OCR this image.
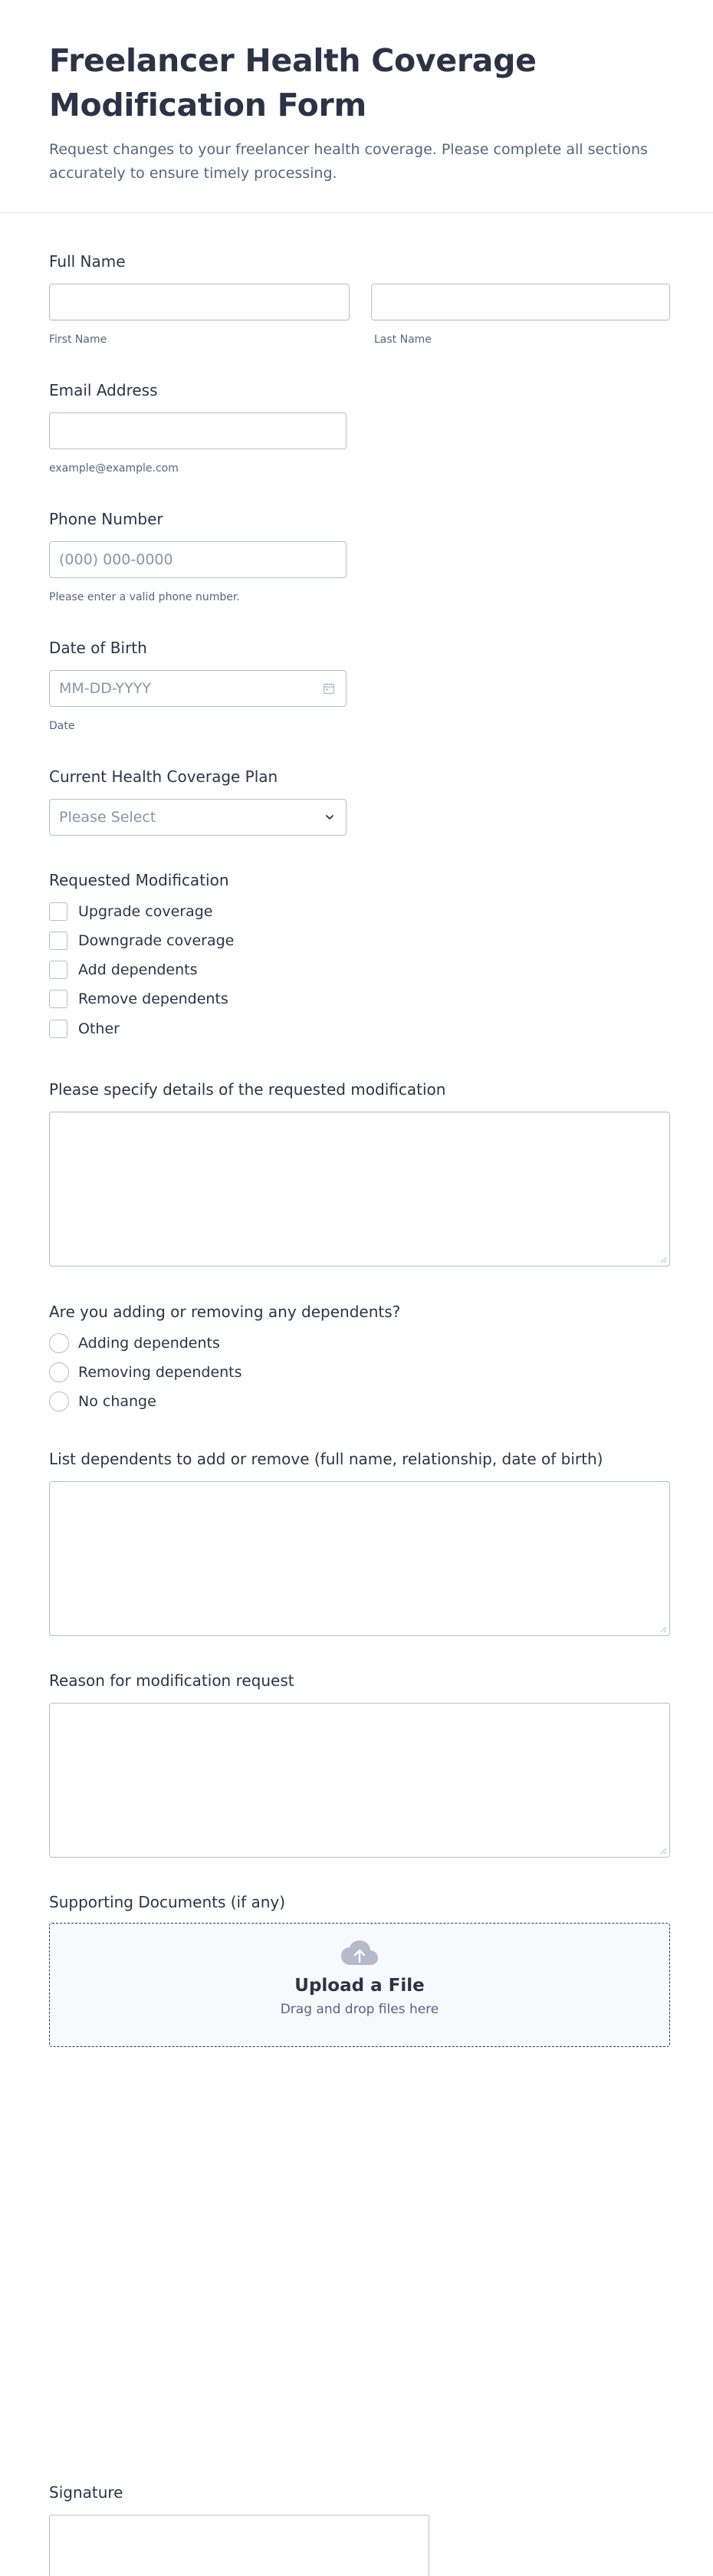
Freelancer Health Coverage Modification Form

Request changes to your freelancer health coverage. Please complete all sections accurately to ensure timely processing.

Full Name
First Name	Last Name
Email Address
example@example.com
Phone Number
(000) 000-0000
Please enter a valid phone number.
Date of Birth
MM-DD-YYYY
Date
Current Health Coverage Plan
Please Select
Requested Modification
Upgrade coverage
Downgrade coverage
Add dependents
Remove dependents
Other
Please specify details of the requested modification
Are you adding or removing any dependents?
Adding dependents
Removing dependents
No change
List dependents to add or remove (full name, relationship, date of birth)
Reason for modification request
Supporting Documents (if any)
Upload a File
Drag and drop files here
Signature
